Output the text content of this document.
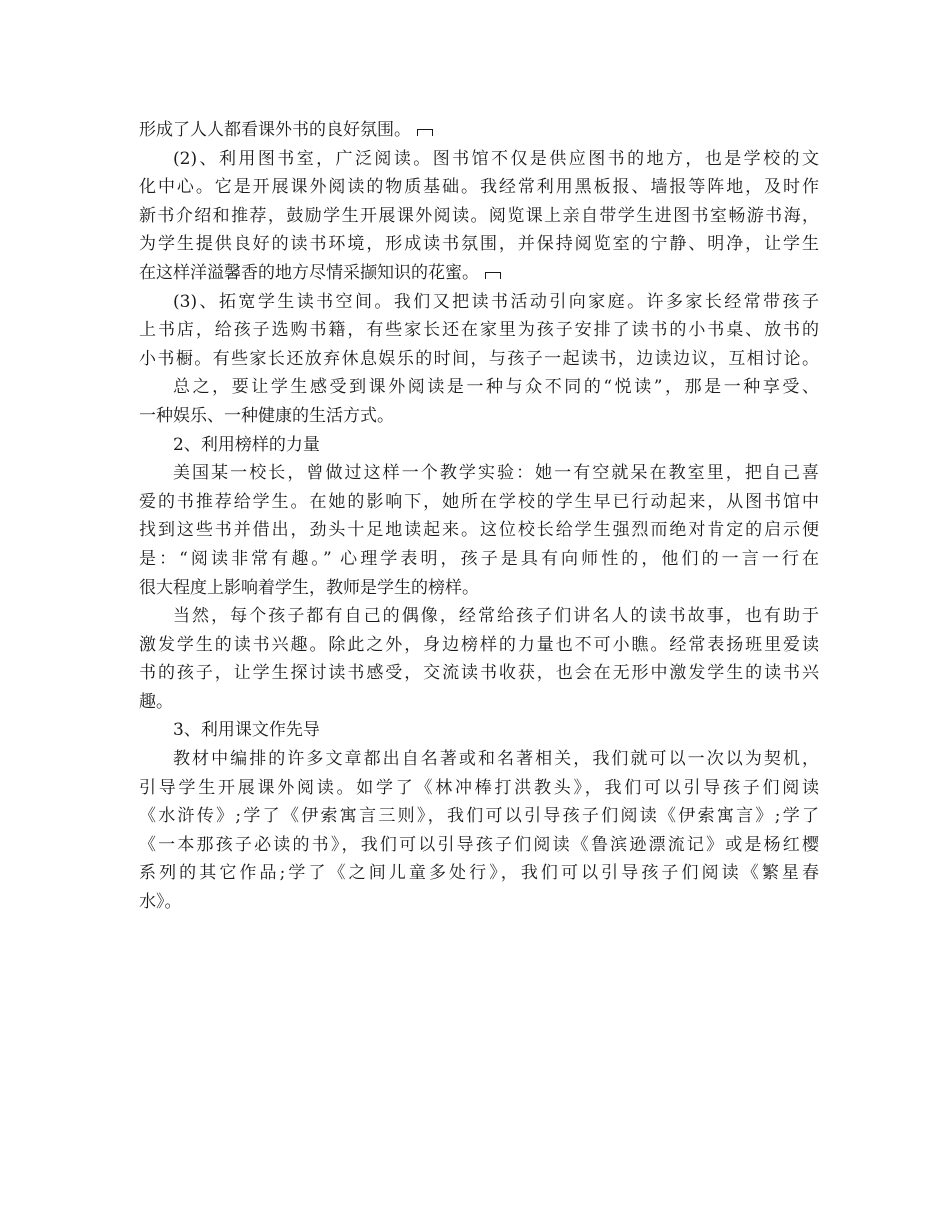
形成了人人都看课外书的良好氛围。
(2)、利用图书室，广泛阅读。图书馆不仅是供应图书的地方，也是学校的文
化中心。它是开展课外阅读的物质基础。我经常利用黑板报、墙报等阵地，及时作
新书介绍和推荐，鼓励学生开展课外阅读。阅览课上亲自带学生进图书室畅游书海，
为学生提供良好的读书环境，形成读书氛围，并保持阅览室的宁静、明净，让学生
在这样洋溢馨香的地方尽情采撷知识的花蜜。
(3)、拓宽学生读书空间。我们又把读书活动引向家庭。许多家长经常带孩子
上书店，给孩子选购书籍，有些家长还在家里为孩子安排了读书的小书桌、放书的
小书橱。有些家长还放弃休息娱乐的时间，与孩子一起读书，边读边议，互相讨论。
总之，要让学生感受到课外阅读是一种与众不同的“悦读”，那是一种享受、
一种娱乐、一种健康的生活方式。
2、利用榜样的力量
美国某一校长，曾做过这样一个教学实验：她一有空就呆在教室里，把自己喜
爱的书推荐给学生。在她的影响下，她所在学校的学生早已行动起来，从图书馆中
找到这些书并借出，劲头十足地读起来。这位校长给学生强烈而绝对肯定的启示便
是：“阅读非常有趣。” 心理学表明，孩子是具有向师性的，他们的一言一行在
很大程度上影响着学生，教师是学生的榜样。
当然，每个孩子都有自己的偶像，经常给孩子们讲名人的读书故事，也有助于
激发学生的读书兴趣。除此之外，身边榜样的力量也不可小瞧。经常表扬班里爱读
书的孩子，让学生探讨读书感受，交流读书收获，也会在无形中激发学生的读书兴
趣。
3、利用课文作先导
教材中编排的许多文章都出自名著或和名著相关，我们就可以一次以为契机，
引导学生开展课外阅读。如学了《林冲棒打洪教头》，我们可以引导孩子们阅读
《水浒传》;学了《伊索寓言三则》，我们可以引导孩子们阅读《伊索寓言》;学了
《一本那孩子必读的书》，我们可以引导孩子们阅读《鲁滨逊漂流记》或是杨红樱
系列的其它作品;学了《之间儿童多处行》，我们可以引导孩子们阅读《繁星春
水》。
